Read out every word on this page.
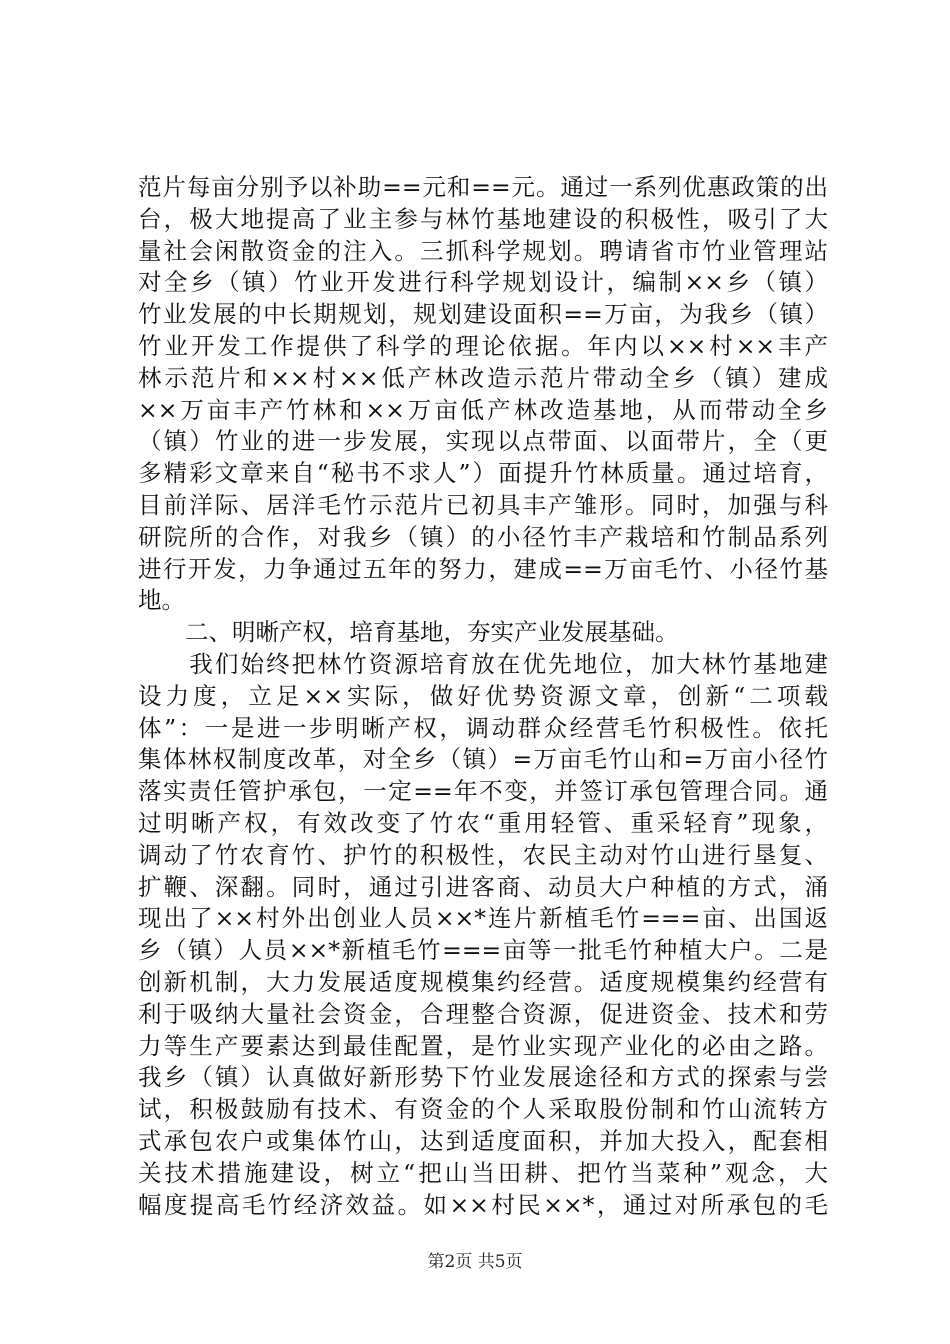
范片每亩分别予以补助==元和==元。通过一系列优惠政策的出
台，极大地提高了业主参与林竹基地建设的积极性，吸引了大
量社会闲散资金的注入。三抓科学规划。聘请省市竹业管理站
对全乡（镇）竹业开发进行科学规划设计，编制××乡（镇）
竹业发展的中长期规划，规划建设面积==万亩，为我乡（镇）
竹业开发工作提供了科学的理论依据。年内以××村××丰产
林示范片和××村××低产林改造示范片带动全乡（镇）建成
××万亩丰产竹林和××万亩低产林改造基地，从而带动全乡
（镇）竹业的进一步发展，实现以点带面、以面带片，全（更
多精彩文章来自“秘书不求人”）面提升竹林质量。通过培育，
目前洋际、居洋毛竹示范片已初具丰产雏形。同时，加强与科
研院所的合作，对我乡（镇）的小径竹丰产栽培和竹制品系列
进行开发，力争通过五年的努力，建成==万亩毛竹、小径竹基
地。
　　二、明晰产权，培育基地，夯实产业发展基础。
　　我们始终把林竹资源培育放在优先地位，加大林竹基地建
设力度，立足××实际，做好优势资源文章，创新“二项载
体”：一是进一步明晰产权，调动群众经营毛竹积极性。依托
集体林权制度改革，对全乡（镇）=万亩毛竹山和=万亩小径竹
落实责任管护承包，一定==年不变，并签订承包管理合同。通
过明晰产权，有效改变了竹农“重用轻管、重采轻育”现象，
调动了竹农育竹、护竹的积极性，农民主动对竹山进行垦复、
扩鞭、深翻。同时，通过引进客商、动员大户种植的方式，涌
现出了××村外出创业人员××*连片新植毛竹===亩、出国返
乡（镇）人员××*新植毛竹===亩等一批毛竹种植大户。二是
创新机制，大力发展适度规模集约经营。适度规模集约经营有
利于吸纳大量社会资金，合理整合资源，促进资金、技术和劳
力等生产要素达到最佳配置，是竹业实现产业化的必由之路。
我乡（镇）认真做好新形势下竹业发展途径和方式的探索与尝
试，积极鼓励有技术、有资金的个人采取股份制和竹山流转方
式承包农户或集体竹山，达到适度面积，并加大投入，配套相
关技术措施建设，树立“把山当田耕、把竹当菜种”观念，大
幅度提高毛竹经济效益。如××村民××*，通过对所承包的毛
第2页 共5页
